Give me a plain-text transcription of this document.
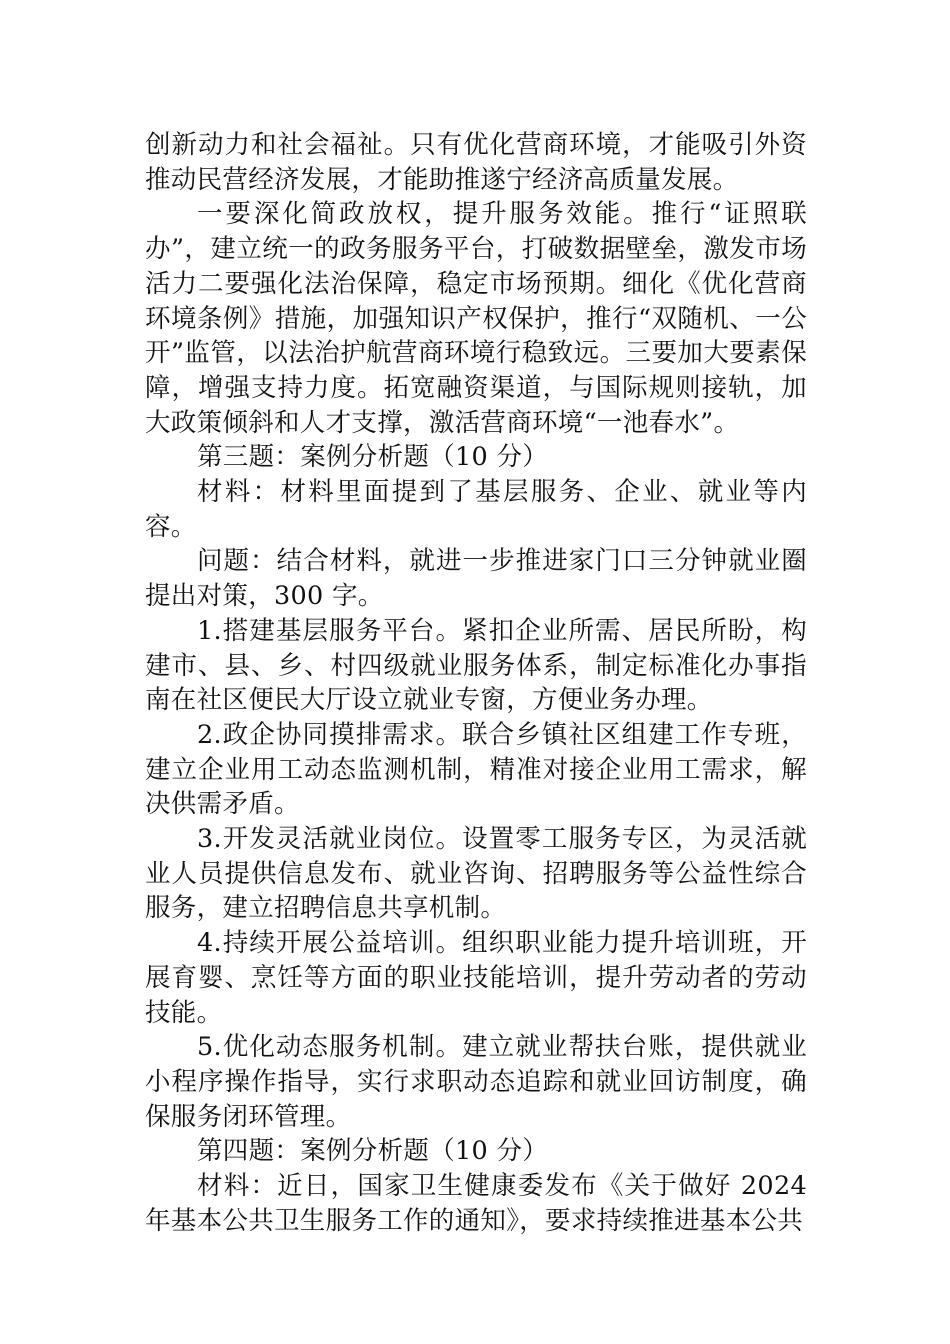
创新动力和社会福祉。只有优化营商环境，才能吸引外资推动民营经济发展，才能助推遂宁经济高质量发展。

一要深化简政放权，提升服务效能。推行“证照联办”，建立统一的政务服务平台，打破数据壁垒，激发市场活力二要强化法治保障，稳定市场预期。细化《优化营商环境条例》措施，加强知识产权保护，推行“双随机、一公开”监管，以法治护航营商环境行稳致远。三要加大要素保障，增强支持力度。拓宽融资渠道，与国际规则接轨，加大政策倾斜和人才支撑，激活营商环境“一池春水”。

第三题：案例分析题（10 分）

材料：材料里面提到了基层服务、企业、就业等内容。

问题：结合材料，就进一步推进家门口三分钟就业圈提出对策，300 字。

1.搭建基层服务平台。紧扣企业所需、居民所盼，构建市、县、乡、村四级就业服务体系，制定标准化办事指南在社区便民大厅设立就业专窗，方便业务办理。

2.政企协同摸排需求。联合乡镇社区组建工作专班，建立企业用工动态监测机制，精准对接企业用工需求，解决供需矛盾。

3.开发灵活就业岗位。设置零工服务专区，为灵活就业人员提供信息发布、就业咨询、招聘服务等公益性综合服务，建立招聘信息共享机制。

4.持续开展公益培训。组织职业能力提升培训班，开展育婴、烹饪等方面的职业技能培训，提升劳动者的劳动技能。

5.优化动态服务机制。建立就业帮扶台账，提供就业小程序操作指导，实行求职动态追踪和就业回访制度，确保服务闭环管理。

第四题：案例分析题（10 分）

材料：近日，国家卫生健康委发布《关于做好 2024 年基本公共卫生服务工作的通知》，要求持续推进基本公共
